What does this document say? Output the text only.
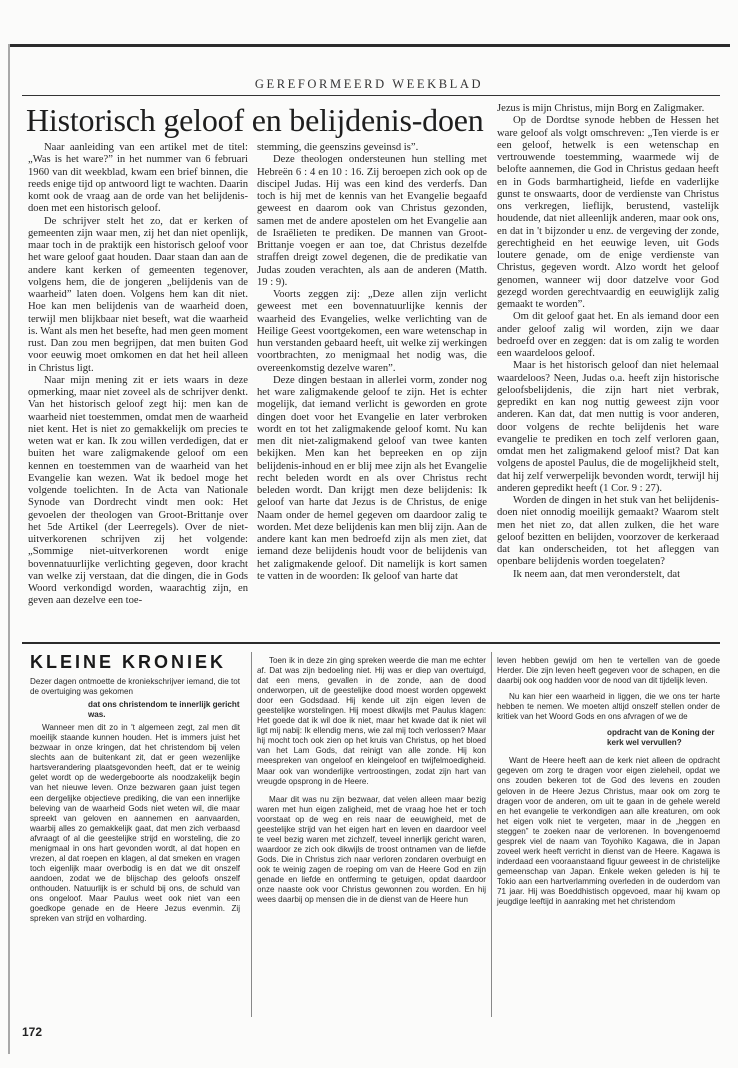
GEREFORMEERD WEEKBLAD
Historisch geloof en belijdenis-doen

Naar aanleiding van een artikel met de titel: „Was is het ware?” in het nummer van 6 februari 1960 van dit weekblad, kwam een brief binnen, die reeds enige tijd op antwoord ligt te wachten. Daarin komt ook de vraag aan de orde van het belijdenis-doen met een historisch geloof.

De schrijver stelt het zo, dat er kerken of gemeenten zijn waar men, zij het dan niet openlijk, maar toch in de praktijk een historisch geloof voor het ware geloof gaat houden. Daar staan dan aan de andere kant kerken of gemeenten tegenover, volgens hem, die de jongeren „belijdenis van de waarheid” laten doen. Volgens hem kan dit niet. Hoe kan men belijdenis van de waarheid doen, terwijl men blijkbaar niet beseft, wat die waarheid is. Want als men het besefte, had men geen moment rust. Dan zou men begrijpen, dat men buiten God voor eeuwig moet omkomen en dat het heil alleen in Christus ligt.

Naar mijn mening zit er iets waars in deze opmerking, maar niet zoveel als de schrijver denkt. Van het historisch geloof zegt hij: men kan de waarheid niet toestemmen, omdat men de waarheid niet kent. Het is niet zo gemakkelijk om precies te weten wat er kan. Ik zou willen verdedigen, dat er buiten het ware zaligmakende geloof om een kennen en toestemmen van de waarheid van het Evangelie kan wezen. Wat ik bedoel moge het volgende toelichten. In de Acta van Nationale Synode van Dordrecht vindt men ook: Het gevoelen der theologen van Groot-Brittanje over het 5de Artikel (der Leerregels). Over de niet-uitverkorenen schrijven zij het volgende: „Sommige niet-uitverkorenen wordt enige bovennatuurlijke verlichting gegeven, door kracht van welke zij verstaan, dat die dingen, die in Gods Woord verkondigd worden, waarachtig zijn, en geven aan dezelve een toe-

stemming, die geenszins geveinsd is”.

Deze theologen ondersteunen hun stelling met Hebreën 6 : 4 en 10 : 16. Zij beroepen zich ook op de discipel Judas. Hij was een kind des verderfs. Dan toch is hij met de kennis van het Evangelie begaafd geweest en daarom ook van Christus gezonden, samen met de andere apostelen om het Evangelie aan de Israëlieten te prediken. De mannen van Groot-Brittanje voegen er aan toe, dat Christus dezelfde straffen dreigt zowel degenen, die de predikatie van Judas zouden verachten, als aan de anderen (Matth. 19 : 9).

Voorts zeggen zij: „Deze allen zijn verlicht geweest met een bovennatuurlijke kennis der waarheid des Evangelies, welke verlichting van de Heilige Geest voortgekomen, een ware wetenschap in hun verstanden gebaard heeft, uit welke zij werkingen voortbrachten, zo menigmaal het nodig was, die overeenkomstig dezelve waren”.

Deze dingen bestaan in allerlei vorm, zonder nog het ware zaligmakende geloof te zijn. Het is echter mogelijk, dat iemand verlicht is geworden en grote dingen doet voor het Evangelie en later verbroken wordt en tot het zaligmakende geloof komt. Nu kan men dit niet-zaligmakend geloof van twee kanten bekijken. Men kan het bepreeken en op zijn belijdenis-inhoud en er blij mee zijn als het Evangelie recht beleden wordt en als over Christus recht beleden wordt. Dan krijgt men deze belijdenis: Ik geloof van harte dat Jezus is de Christus, de enige Naam onder de hemel gegeven om daardoor zalig te worden. Met deze belijdenis kan men blij zijn. Aan de andere kant kan men bedroefd zijn als men ziet, dat iemand deze belijdenis houdt voor de belijdenis van het zaligmakende geloof. Dit namelijk is kort samen te vatten in de woorden: Ik geloof van harte dat

Jezus is mijn Christus, mijn Borg en Zaligmaker.

Op de Dordtse synode hebben de Hessen het ware geloof als volgt omschreven: „Ten vierde is er een geloof, hetwelk is een wetenschap en vertrouwende toestemming, waarmede wij de belofte aannemen, die God in Christus gedaan heeft en in Gods barmhartigheid, liefde en vaderlijke gunst te onswaarts, door de verdienste van Christus ons verkregen, lieflijk, berustend, vastelijk houdende, dat niet alleenlijk anderen, maar ook ons, en dat in 't bijzonder u enz. de vergeving der zonde, gerechtigheid en het eeuwige leven, uit Gods loutere genade, om de enige verdienste van Christus, gegeven wordt. Alzo wordt het geloof genomen, wanneer wij door datzelve voor God gezegd worden gerechtvaardig en eeuwiglijk zalig gemaakt te worden”.

Om dit geloof gaat het. En als iemand door een ander geloof zalig wil worden, zijn we daar bedroefd over en zeggen: dat is om zalig te worden een waardeloos geloof.

Maar is het historisch geloof dan niet helemaal waardeloos? Neen, Judas o.a. heeft zijn historische geloofsbelijdenis, die zijn hart niet verbrak, gepredikt en kan nog nuttig geweest zijn voor anderen. Kan dat, dat men nuttig is voor anderen, door volgens de rechte belijdenis het ware evangelie te prediken en toch zelf verloren gaan, omdat men het zaligmakend geloof mist? Dat kan volgens de apostel Paulus, die de mogelijkheid stelt, dat hij zelf verwerpelijk bevonden wordt, terwijl hij anderen gepredikt heeft (1 Cor. 9 : 27).

Worden de dingen in het stuk van het belijdenis-doen niet onnodig moeilijk gemaakt? Waarom stelt men het niet zo, dat allen zulken, die het ware geloof bezitten en belijden, voorzover de kerkeraad dat kan onderscheiden, tot het afleggen van openbare belijdenis worden toegelaten?

Ik neem aan, dat men veronderstelt, dat

KLEINE KRONIEK

Dezer dagen ontmoette de kroniekschrijver iemand, die tot de overtuiging was gekomen

dat ons christendom te innerlijk gericht was.

Wanneer men dit zo in 't algemeen zegt, zal men dit moeilijk staande kunnen houden. Het is immers juist het bezwaar in onze kringen, dat het christendom bij velen slechts aan de buitenkant zit, dat er geen wezenlijke hartsverandering plaatsgevonden heeft, dat er te weinig gelet wordt op de wedergeboorte als noodzakelijk begin van het nieuwe leven. Onze bezwaren gaan juist tegen een dergelijke objectieve prediking, die van een innerlijke beleving van de waarheid Gods niet weten wil, die maar spreekt van geloven en aannemen en aanvaarden, waarbij alles zo gemakkelijk gaat, dat men zich verbaasd afvraagt of al die geestelijke strijd en worsteling, die zo menigmaal in ons hart gevonden wordt, al dat hopen en vrezen, al dat roepen en klagen, al dat smeken en vragen toch eigenlijk maar overbodig is en dat we dit onszelf aandoen, zodat we de blijschap des geloofs onszelf onthouden. Natuurlijk is er schuld bij ons, de schuld van ons ongeloof. Maar Paulus weet ook niet van een goedkope genade en de Heere Jezus evenmin. Zij spreken van strijd en volharding.

Toen ik in deze zin ging spreken weerde die man me echter af. Dat was zijn bedoeling niet. Hij was er diep van overtuigd, dat een mens, gevallen in de zonde, aan de dood onderworpen, uit de geestelijke dood moest worden opgewekt door een Godsdaad. Hij kende uit zijn eigen leven de geestelijke worstelingen. Hij moest dikwijls met Paulus klagen: Het goede dat ik wil doe ik niet, maar het kwade dat ik niet wil ligt mij nabij: Ik ellendig mens, wie zal mij toch verlossen? Maar hij mocht toch ook zien op het kruis van Christus, op het bloed van het Lam Gods, dat reinigt van alle zonde. Hij kon meespreken van ongeloof en kleingeloof en twijfelmoedigheid. Maar ook van wonderlijke vertroostingen, zodat zijn hart van vreugde opsprong in de Heere.

Maar dit was nu zijn bezwaar, dat velen alleen maar bezig waren met hun eigen zaligheid, met de vraag hoe het er toch voorstaat op de weg en reis naar de eeuwigheid, met de geestelijke strijd van het eigen hart en leven en daardoor veel te veel bezig waren met zichzelf, teveel innerlijk gericht waren, waardoor ze zich ook dikwijls de troost ontnamen van de liefde Gods. Die in Christus zich naar verloren zondaren overbuigt en ook te weinig zagen de roeping om van de Heere God en zijn genade en liefde en ontferming te getuigen, opdat daardoor onze naaste ook voor Christus gewonnen zou worden. En hij wees daarbij op mensen die in de dienst van de Heere hun

leven hebben gewijd om hen te vertellen van de goede Herder. Die zijn leven heeft gegeven voor de schapen, en die daarbij ook oog hadden voor de nood van dit tijdelijk leven.

Nu kan hier een waarheid in liggen, die we ons ter harte hebben te nemen. We moeten altijd onszelf stellen onder de kritiek van het Woord Gods en ons afvragen of we de

opdracht van de Koning der kerk wel vervullen?

Want de Heere heeft aan de kerk niet alleen de opdracht gegeven om zorg te dragen voor eigen zieleheil, opdat we ons zouden bekeren tot de God des levens en zouden geloven in de Heere Jezus Christus, maar ook om zorg te dragen voor de anderen, om uit te gaan in de gehele wereld en het evangelie te verkondigen aan alle kreaturen, om ook het eigen volk niet te vergeten, maar in de „heggen en steggen” te zoeken naar de verlorenen. In bovengenoemd gesprek viel de naam van Toyohiko Kagawa, die in Japan zoveel werk heeft verricht in dienst van de Heere. Kagawa is inderdaad een vooraanstaand figuur geweest in de christelijke gemeenschap van Japan. Enkele weken geleden is hij te Tokio aan een hartverlamming overleden in de ouderdom van 71 jaar. Hij was Boeddhistisch opgevoed, maar hij kwam op jeugdige leeftijd in aanraking met het christendom

172
